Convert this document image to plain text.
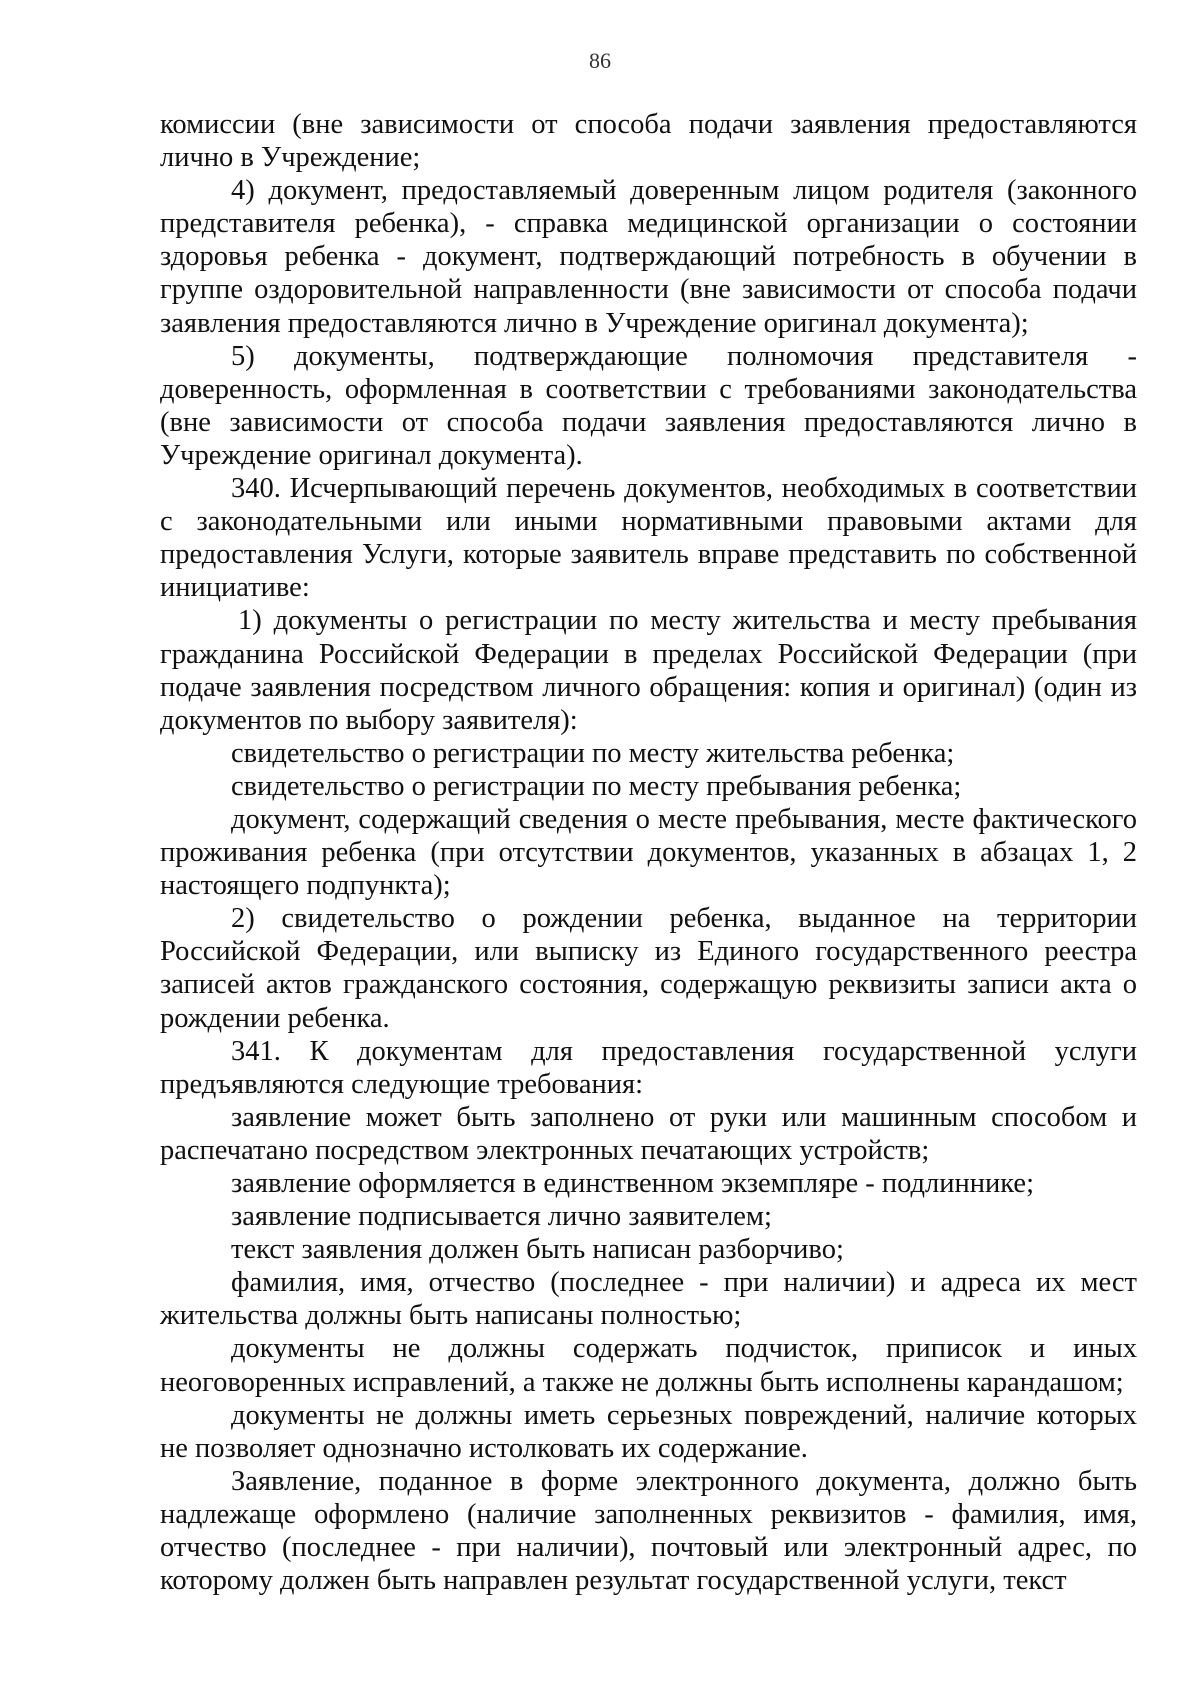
86

комиссии (вне зависимости от способа подачи заявления предоставляются лично в Учреждение;

4) документ, предоставляемый доверенным лицом родителя (законного представителя ребенка), - справка медицинской организации о состоянии здоровья ребенка - документ, подтверждающий потребность в обучении в группе оздоровительной направленности (вне зависимости от способа подачи заявления предоставляются лично в Учреждение оригинал документа);

5) документы, подтверждающие полномочия представителя - доверенность, оформленная в соответствии с требованиями законодательства (вне зависимости от способа подачи заявления предоставляются лично в Учреждение оригинал документа).

340. Исчерпывающий перечень документов, необходимых в соответствии с законодательными или иными нормативными правовыми актами для предоставления Услуги, которые заявитель вправе представить по собственной инициативе:

1) документы о регистрации по месту жительства и месту пребывания гражданина Российской Федерации в пределах Российской Федерации (при подаче заявления посредством личного обращения: копия и оригинал) (один из документов по выбору заявителя):

свидетельство о регистрации по месту жительства ребенка;

свидетельство о регистрации по месту пребывания ребенка;

документ, содержащий сведения о месте пребывания, месте фактического проживания ребенка (при отсутствии документов, указанных в абзацах 1, 2 настоящего подпункта);

2) свидетельство о рождении ребенка, выданное на территории Российской Федерации, или выписку из Единого государственного реестра записей актов гражданского состояния, содержащую реквизиты записи акта о рождении ребенка.

341. К документам для предоставления государственной услуги предъявляются следующие требования:

заявление может быть заполнено от руки или машинным способом и распечатано посредством электронных печатающих устройств;

заявление оформляется в единственном экземпляре - подлиннике;

заявление подписывается лично заявителем;

текст заявления должен быть написан разборчиво;

фамилия, имя, отчество (последнее - при наличии) и адреса их мест жительства должны быть написаны полностью;

документы не должны содержать подчисток, приписок и иных неоговоренных исправлений, а также не должны быть исполнены карандашом;

документы не должны иметь серьезных повреждений, наличие которых не позволяет однозначно истолковать их содержание.

Заявление, поданное в форме электронного документа, должно быть надлежаще оформлено (наличие заполненных реквизитов - фамилия, имя, отчество (последнее - при наличии), почтовый или электронный адрес, по которому должен быть направлен результат государственной услуги, текст
